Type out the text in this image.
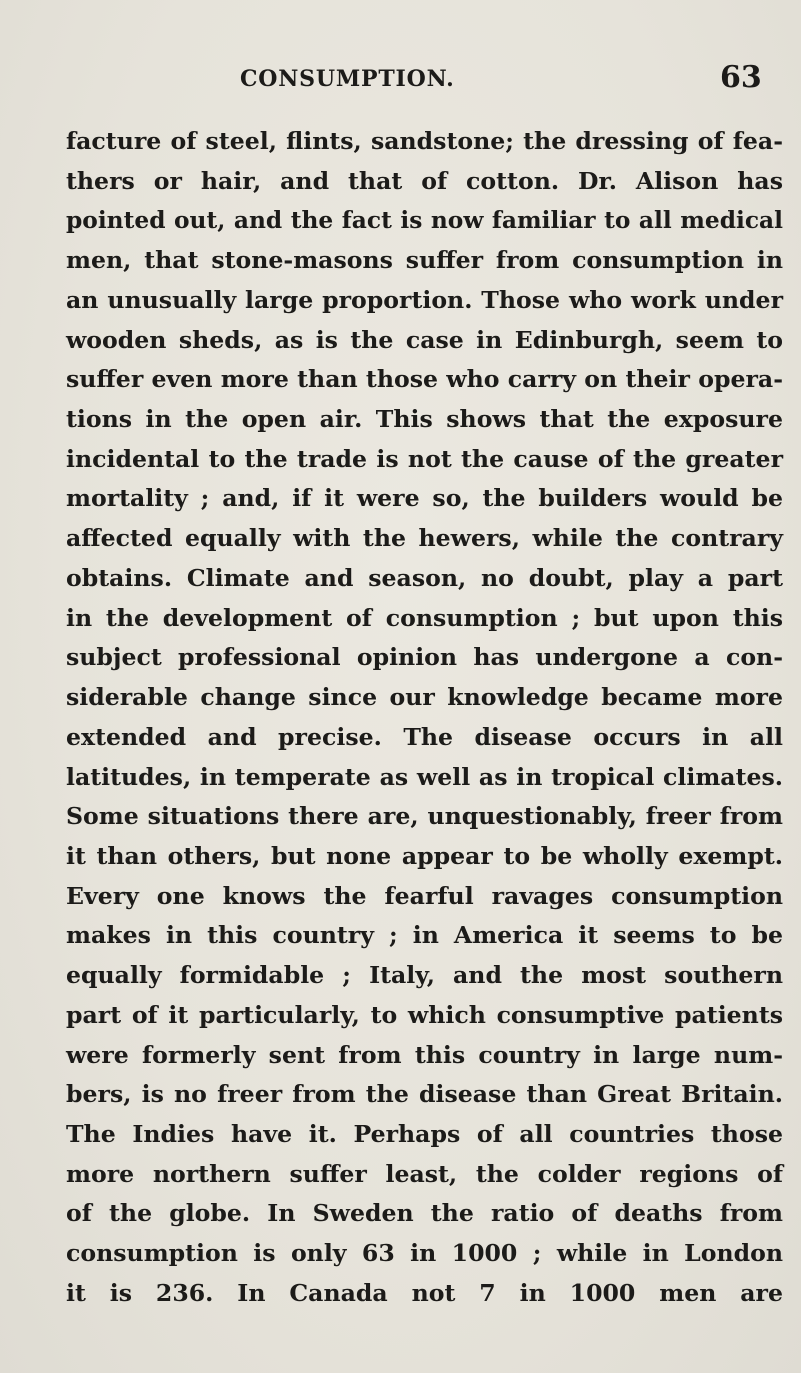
CONSUMPTION.	63
facture of steel, flints, sandstone; the dressing of fea-
thers or hair, and that of cotton. Dr. Alison has
pointed out, and the fact is now familiar to all medical
men, that stone-masons suffer from consumption in
an unusually large proportion. Those who work under
wooden sheds, as is the case in Edinburgh, seem to
suffer even more than those who carry on their opera-
tions in the open air. This shows that the exposure
incidental to the trade is not the cause of the greater
mortality ; and, if it were so, the builders would be
affected equally with the hewers, while the contrary
obtains. Climate and season, no doubt, play a part
in the development of consumption ; but upon this
subject professional opinion has undergone a con-
siderable change since our knowledge became more
extended and precise. The disease occurs in all
latitudes, in temperate as well as in tropical climates.
Some situations there are, unquestionably, freer from
it than others, but none appear to be wholly exempt.
Every one knows the fearful ravages consumption
makes in this country ; in America it seems to be
equally formidable ; Italy, and the most southern
part of it particularly, to which consumptive patients
were formerly sent from this country in large num-
bers, is no freer from the disease than Great Britain.
The Indies have it. Perhaps of all countries those
more northern suffer least, the colder regions of
of the globe. In Sweden the ratio of deaths from
consumption is only 63 in 1000 ; while in London
it is 236. In Canada not 7 in 1000 men are
